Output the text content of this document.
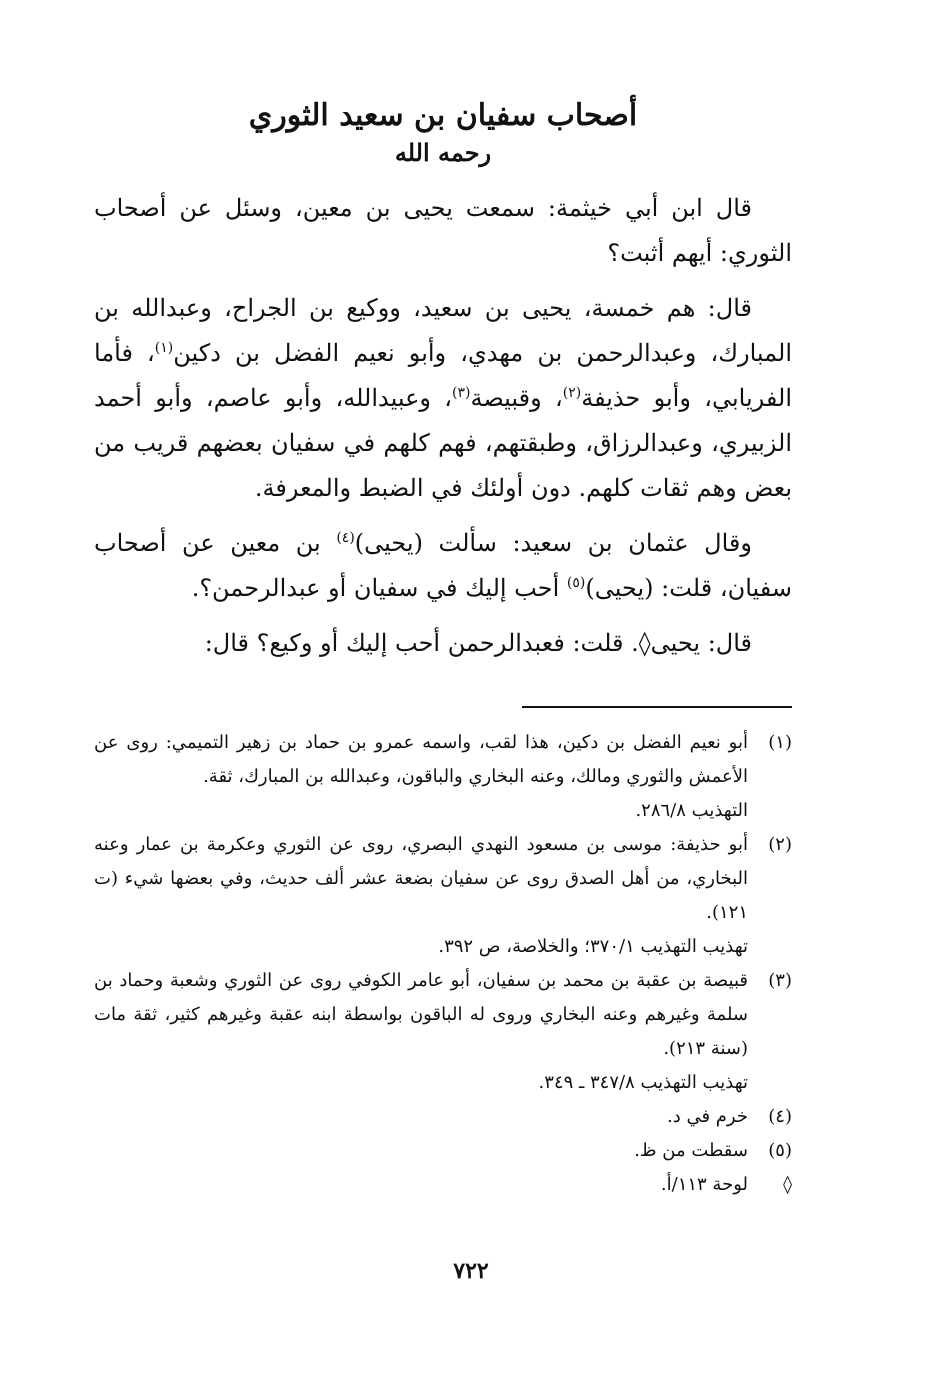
أصحاب سفيان بن سعيد الثوري
رحمه الله

قال ابن أبي خيثمة: سمعت يحيى بن معين، وسئل عن أصحاب الثوري: أيهم أثبت؟

قال: هم خمسة، يحيى بن سعيد، ووكيع بن الجراح، وعبدالله بن المبارك، وعبدالرحمن بن مهدي، وأبو نعيم الفضل بن دكين$^{(١)}$، فأما الفريابي، وأبو حذيفة$^{(٢)}$، وقبيصة$^{(٣)}$، وعبيدالله، وأبو عاصم، وأبو أحمد الزبيري، وعبدالرزاق، وطبقتهم، فهم كلهم في سفيان بعضهم قريب من بعض وهم ثقات كلهم. دون أولئك في الضبط والمعرفة.

وقال عثمان بن سعيد: سألت (يحيى)$^{(٤)}$ بن معين عن أصحاب سفيان، قلت: (يحيى)$^{(٥)}$ أحب إليك في سفيان أو عبدالرحمن؟.

قال: يحيى◊. قلت: فعبدالرحمن أحب إليك أو وكيع؟ قال:

(١)
أبو نعيم الفضل بن دكين، هذا لقب، واسمه عمرو بن حماد بن زهير التميمي: روى عن الأعمش والثوري ومالك، وعنه البخاري والباقون، وعبدالله بن المبارك، ثقة.
التهذيب ٢٨٦/٨.
(٢)
أبو حذيفة: موسى بن مسعود النهدي البصري، روى عن الثوري وعكرمة بن عمار وعنه البخاري، من أهل الصدق روى عن سفيان بضعة عشر ألف حديث، وفي بعضها شيء (ت ١٢١).
تهذيب التهذيب ٣٧٠/١؛ والخلاصة، ص ٣٩٢.
(٣)
قبيصة بن عقبة بن محمد بن سفيان، أبو عامر الكوفي روى عن الثوري وشعبة وحماد بن سلمة وغيرهم وعنه البخاري وروى له الباقون بواسطة ابنه عقبة وغيرهم كثير، ثقة مات (سنة ٢١٣).
تهذيب التهذيب ٣٤٧/٨ ـ ٣٤٩.
(٤)
خرم في د.
(٥)
سقطت من ظ.
◊
لوحة ١١٣/أ.
٧٢٢
